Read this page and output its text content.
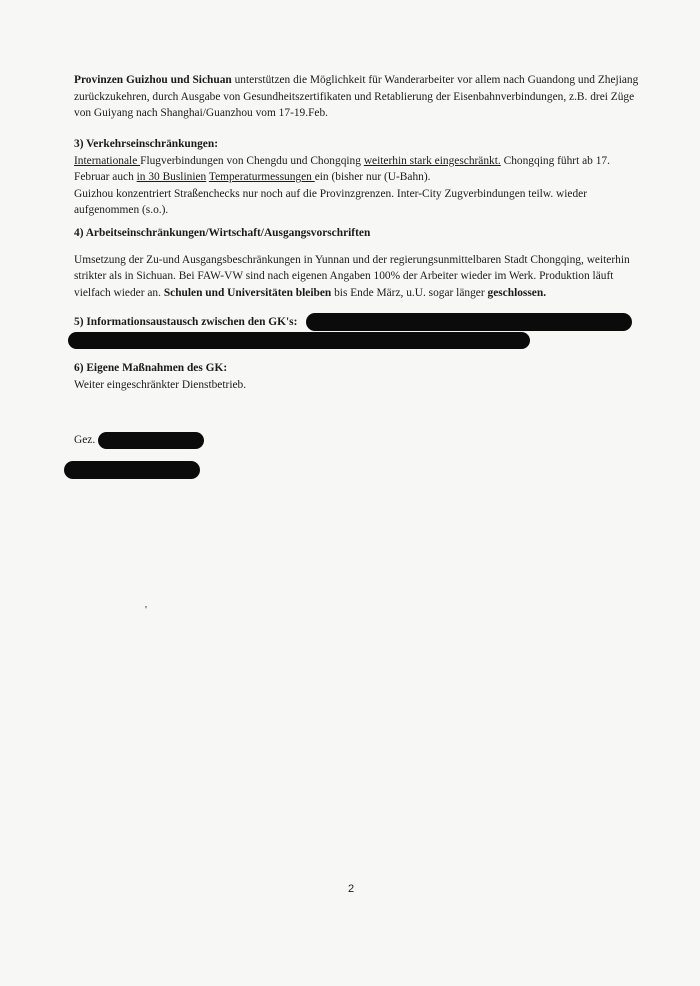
Provinzen Guizhou und Sichuan unterstützen die Möglichkeit für Wanderarbeiter vor allem nach Guandong und Zhejiang
zurückzukehren, durch Ausgabe von Gesundheitszertifikaten und Retablierung der Eisenbahnverbindungen, z.B. drei Züge
von Guiyang nach Shanghai/Guanzhou vom 17-19.Feb.
3) Verkehrseinschränkungen:
Internationale Flugverbindungen von Chengdu und Chongqing weiterhin stark eingeschränkt. Chongqing führt ab 17.
Februar auch in 30 Buslinien Temperaturmessungen ein (bisher nur (U-Bahn).
Guizhou konzentriert Straßenchecks nur noch auf die Provinzgrenzen. Inter-City Zugverbindungen teilw. wieder
aufgenommen (s.o.).
4) Arbeitseinschränkungen/Wirtschaft/Ausgangsvorschriften
Umsetzung der Zu-und Ausgangsbeschränkungen in Yunnan und der regierungsunmittelbaren Stadt Chongqing, weiterhin
strikter als in Sichuan. Bei FAW-VW sind nach eigenen Angaben 100% der Arbeiter wieder im Werk. Produktion läuft
vielfach wieder an. Schulen und Universitäten bleiben bis Ende März, u.U. sogar länger geschlossen.
5) Informationsaustausch zwischen den GK's:
6) Eigene Maßnahmen des GK:
Weiter eingeschränkter Dienstbetrieb.
Gez.
'
2
